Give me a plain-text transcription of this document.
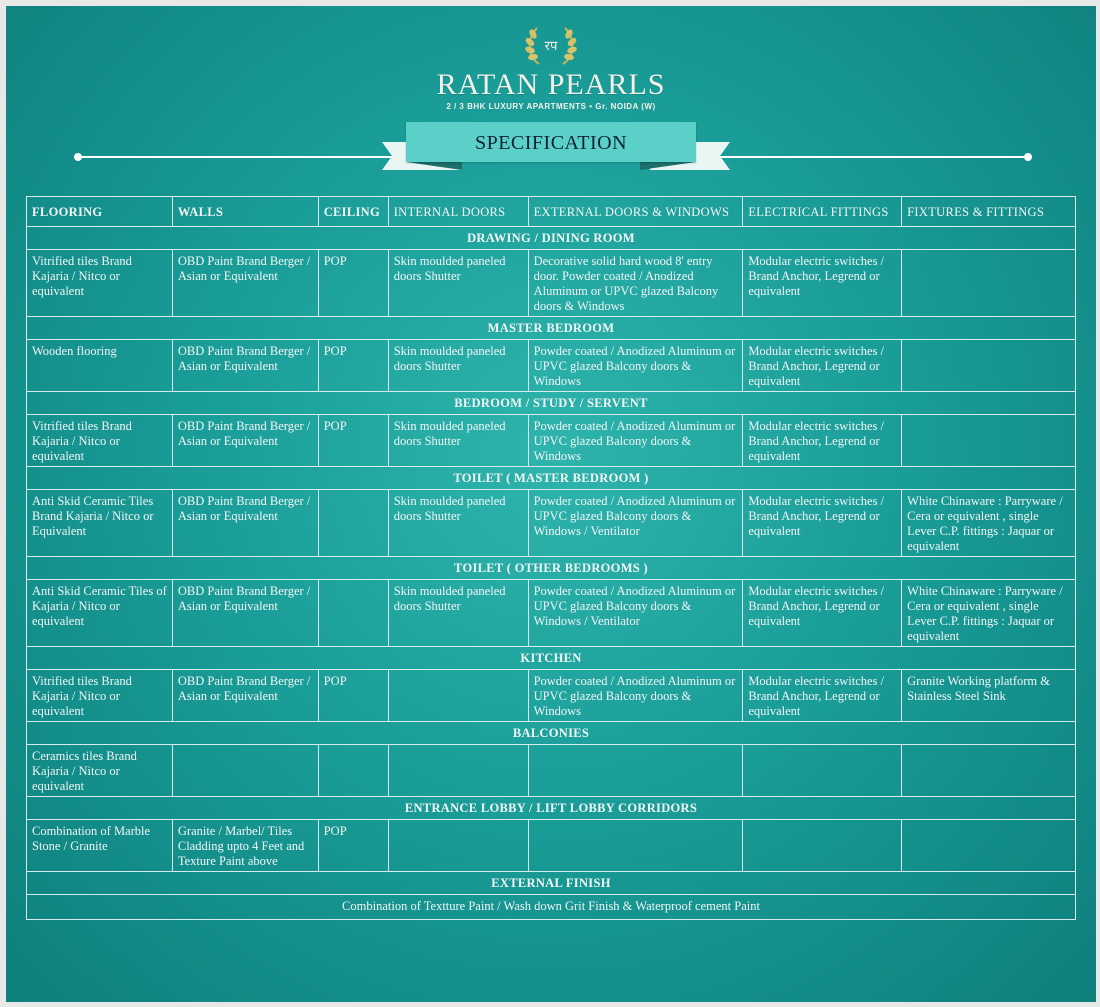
रप
RATAN PEARLS
2 / 3 BHK LUXURY APARTMENTS • Gr. NOIDA (W)
SPECIFICATION
FLOORING	WALLS	CEILING	INTERNAL DOORS	EXTERNAL DOORS & WINDOWS	ELECTRICAL FITTINGS	FIXTURES & FITTINGS
DRAWING / DINING ROOM						
Vitrified tiles Brand Kajaria / Nitco or equivalent	OBD Paint Brand Berger / Asian or Equivalent	POP	Skin moulded paneled doors Shutter	Decorative solid hard wood 8' entry door. Powder coated / Anodized Aluminum or UPVC glazed Balcony doors & Windows	Modular electric switches / Brand Anchor, Legrend or equivalent	
MASTER BEDROOM						
Wooden flooring	OBD Paint Brand Berger / Asian or Equivalent	POP	Skin moulded paneled doors Shutter	Powder coated / Anodized Aluminum or UPVC glazed Balcony doors & Windows	Modular electric switches / Brand Anchor, Legrend or equivalent	
BEDROOM / STUDY / SERVENT						
Vitrified tiles Brand Kajaria / Nitco or equivalent	OBD Paint Brand Berger / Asian or Equivalent	POP	Skin moulded paneled doors Shutter	Powder coated / Anodized Aluminum or UPVC glazed Balcony doors & Windows	Modular electric switches / Brand Anchor, Legrend or equivalent	
TOILET ( MASTER BEDROOM )						
Anti Skid Ceramic Tiles Brand Kajaria / Nitco or Equivalent	OBD Paint Brand Berger / Asian or Equivalent		Skin moulded paneled doors Shutter	Powder coated / Anodized Aluminum or UPVC glazed Balcony doors & Windows / Ventilator	Modular electric switches / Brand Anchor, Legrend or equivalent	White Chinaware : Parryware / Cera or equivalent , single Lever C.P. fittings : Jaquar or equivalent
TOILET ( OTHER BEDROOMS )						
Anti Skid Ceramic Tiles of Kajaria / Nitco or equivalent	OBD Paint Brand Berger / Asian or Equivalent		Skin moulded paneled doors Shutter	Powder coated / Anodized Aluminum or UPVC glazed Balcony doors & Windows / Ventilator	Modular electric switches / Brand Anchor, Legrend or equivalent	White Chinaware : Parryware / Cera or equivalent , single Lever C.P. fittings : Jaquar or equivalent
KITCHEN						
Vitrified tiles Brand Kajaria / Nitco or equivalent	OBD Paint Brand Berger / Asian or Equivalent	POP		Powder coated / Anodized Aluminum or UPVC glazed Balcony doors & Windows	Modular electric switches / Brand Anchor, Legrend or equivalent	Granite Working platform & Stainless Steel Sink
BALCONIES						
Ceramics tiles Brand Kajaria / Nitco or equivalent						
ENTRANCE LOBBY / LIFT LOBBY CORRIDORS						
Combination of Marble Stone / Granite	Granite / Marbel/ Tiles Cladding upto 4 Feet and Texture Paint above	POP				
EXTERNAL FINISH						
Combination of Textture Paint / Wash down Grit Finish & Waterproof cement Paint						
